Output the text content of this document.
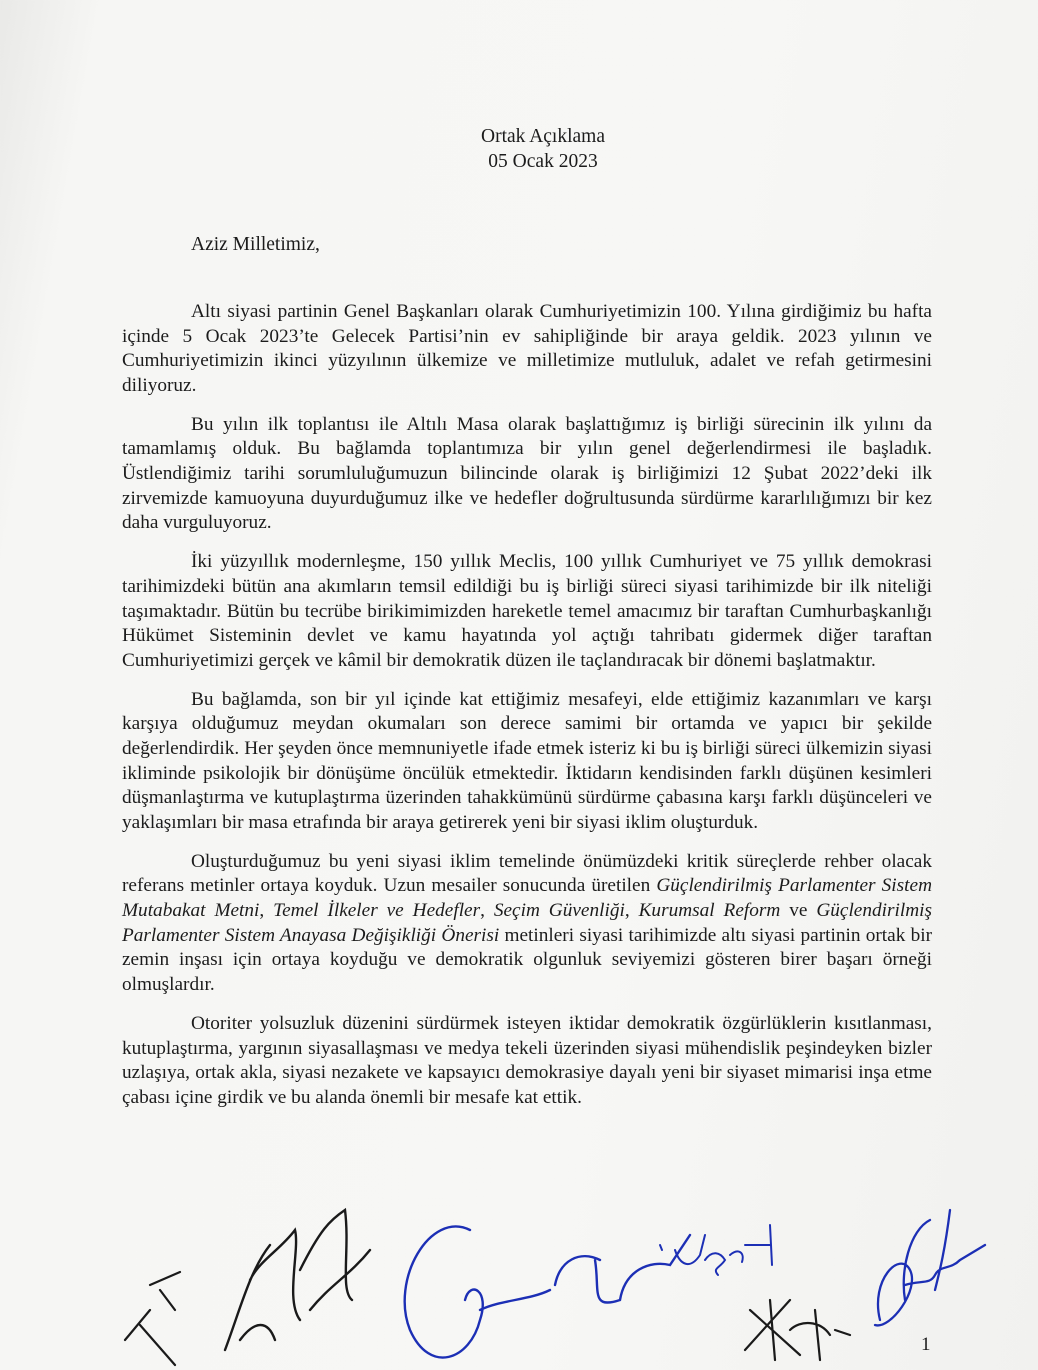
Ortak Açıklama
05 Ocak 2023
Aziz Milletimiz,

Altı siyasi partinin Genel Başkanları olarak Cumhuriyetimizin 100. Yılına girdiğimiz bu hafta içinde 5 Ocak 2023’te Gelecek Partisi’nin ev sahipliğinde bir araya geldik. 2023 yılının ve Cumhuriyetimizin ikinci yüzyılının ülkemize ve milletimize mutluluk, adalet ve refah getirmesini diliyoruz.

Bu yılın ilk toplantısı ile Altılı Masa olarak başlattığımız iş birliği sürecinin ilk yılını da tamamlamış olduk. Bu bağlamda toplantımıza bir yılın genel değerlendirmesi ile başladık. Üstlendiğimiz tarihi sorumluluğumuzun bilincinde olarak iş birliğimizi 12 Şubat 2022’deki ilk zirvemizde kamuoyuna duyurduğumuz ilke ve hedefler doğrultusunda sürdürme kararlılığımızı bir kez daha vurguluyoruz.

İki yüzyıllık modernleşme, 150 yıllık Meclis, 100 yıllık Cumhuriyet ve 75 yıllık demokrasi tarihimizdeki bütün ana akımların temsil edildiği bu iş birliği süreci siyasi tarihimizde bir ilk niteliği taşımaktadır. Bütün bu tecrübe birikimimizden hareketle temel amacımız bir taraftan Cumhurbaşkanlığı Hükümet Sisteminin devlet ve kamu hayatında yol açtığı tahribatı gidermek diğer taraftan Cumhuriyetimizi gerçek ve kâmil bir demokratik düzen ile taçlandıracak bir dönemi başlatmaktır.

Bu bağlamda, son bir yıl içinde kat ettiğimiz mesafeyi, elde ettiğimiz kazanımları ve karşı karşıya olduğumuz meydan okumaları son derece samimi bir ortamda ve yapıcı bir şekilde değerlendirdik. Her şeyden önce memnuniyetle ifade etmek isteriz ki bu iş birliği süreci ülkemizin siyasi ikliminde psikolojik bir dönüşüme öncülük etmektedir. İktidarın kendisinden farklı düşünen kesimleri düşmanlaştırma ve kutuplaştırma üzerinden tahakkümünü sürdürme çabasına karşı farklı düşünceleri ve yaklaşımları bir masa etrafında bir araya getirerek yeni bir siyasi iklim oluşturduk.

Oluşturduğumuz bu yeni siyasi iklim temelinde önümüzdeki kritik süreçlerde rehber olacak referans metinler ortaya koyduk. Uzun mesailer sonucunda üretilen Güçlendirilmiş Parlamenter Sistem Mutabakat Metni, Temel İlkeler ve Hedefler, Seçim Güvenliği, Kurumsal Reform ve Güçlendirilmiş Parlamenter Sistem Anayasa Değişikliği Önerisi metinleri siyasi tarihimizde altı siyasi partinin ortak bir zemin inşası için ortaya koyduğu ve demokratik olgunluk seviyemizi gösteren birer başarı örneği olmuşlardır.

Otoriter yolsuzluk düzenini sürdürmek isteyen iktidar demokratik özgürlüklerin kısıtlanması, kutuplaştırma, yargının siyasallaşması ve medya tekeli üzerinden siyasi mühendislik peşindeyken bizler uzlaşıya, ortak akla, siyasi nezakete ve kapsayıcı demokrasiye dayalı yeni bir siyaset mimarisi inşa etme çabası içine girdik ve bu alanda önemli bir mesafe kat ettik.

1
